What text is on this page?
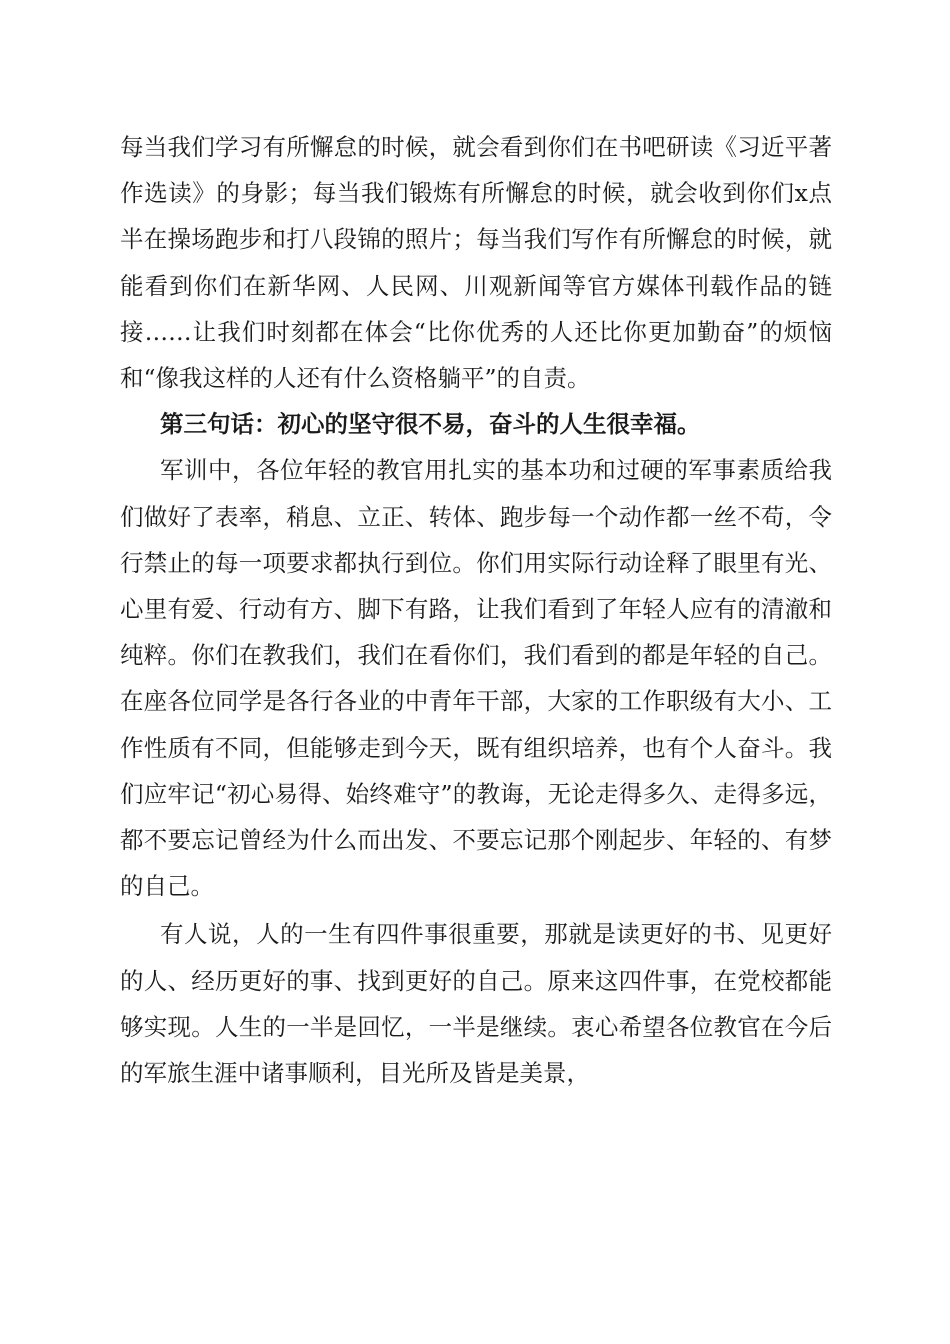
每当我们学习有所懈怠的时候，就会看到你们在书吧研读《习近平著作选读》的身影；每当我们锻炼有所懈怠的时候，就会收到你们x点半在操场跑步和打八段锦的照片；每当我们写作有所懈怠的时候，就能看到你们在新华网、人民网、川观新闻等官方媒体刊载作品的链接……让我们时刻都在体会“比你优秀的人还比你更加勤奋”的烦恼和“像我这样的人还有什么资格躺平”的自责。

第三句话：初心的坚守很不易，奋斗的人生很幸福。

军训中，各位年轻的教官用扎实的基本功和过硬的军事素质给我们做好了表率，稍息、立正、转体、跑步每一个动作都一丝不苟，令行禁止的每一项要求都执行到位。你们用实际行动诠释了眼里有光、心里有爱、行动有方、脚下有路，让我们看到了年轻人应有的清澈和纯粹。你们在教我们，我们在看你们，我们看到的都是年轻的自己。在座各位同学是各行各业的中青年干部，大家的工作职级有大小、工作性质有不同，但能够走到今天，既有组织培养，也有个人奋斗。我们应牢记“初心易得、始终难守”的教诲，无论走得多久、走得多远，都不要忘记曾经为什么而出发、不要忘记那个刚起步、年轻的、有梦的自己。

有人说，人的一生有四件事很重要，那就是读更好的书、见更好的人、经历更好的事、找到更好的自己。原来这四件事，在党校都能够实现。人生的一半是回忆，一半是继续。衷心希望各位教官在今后的军旅生涯中诸事顺利，目光所及皆是美景，
